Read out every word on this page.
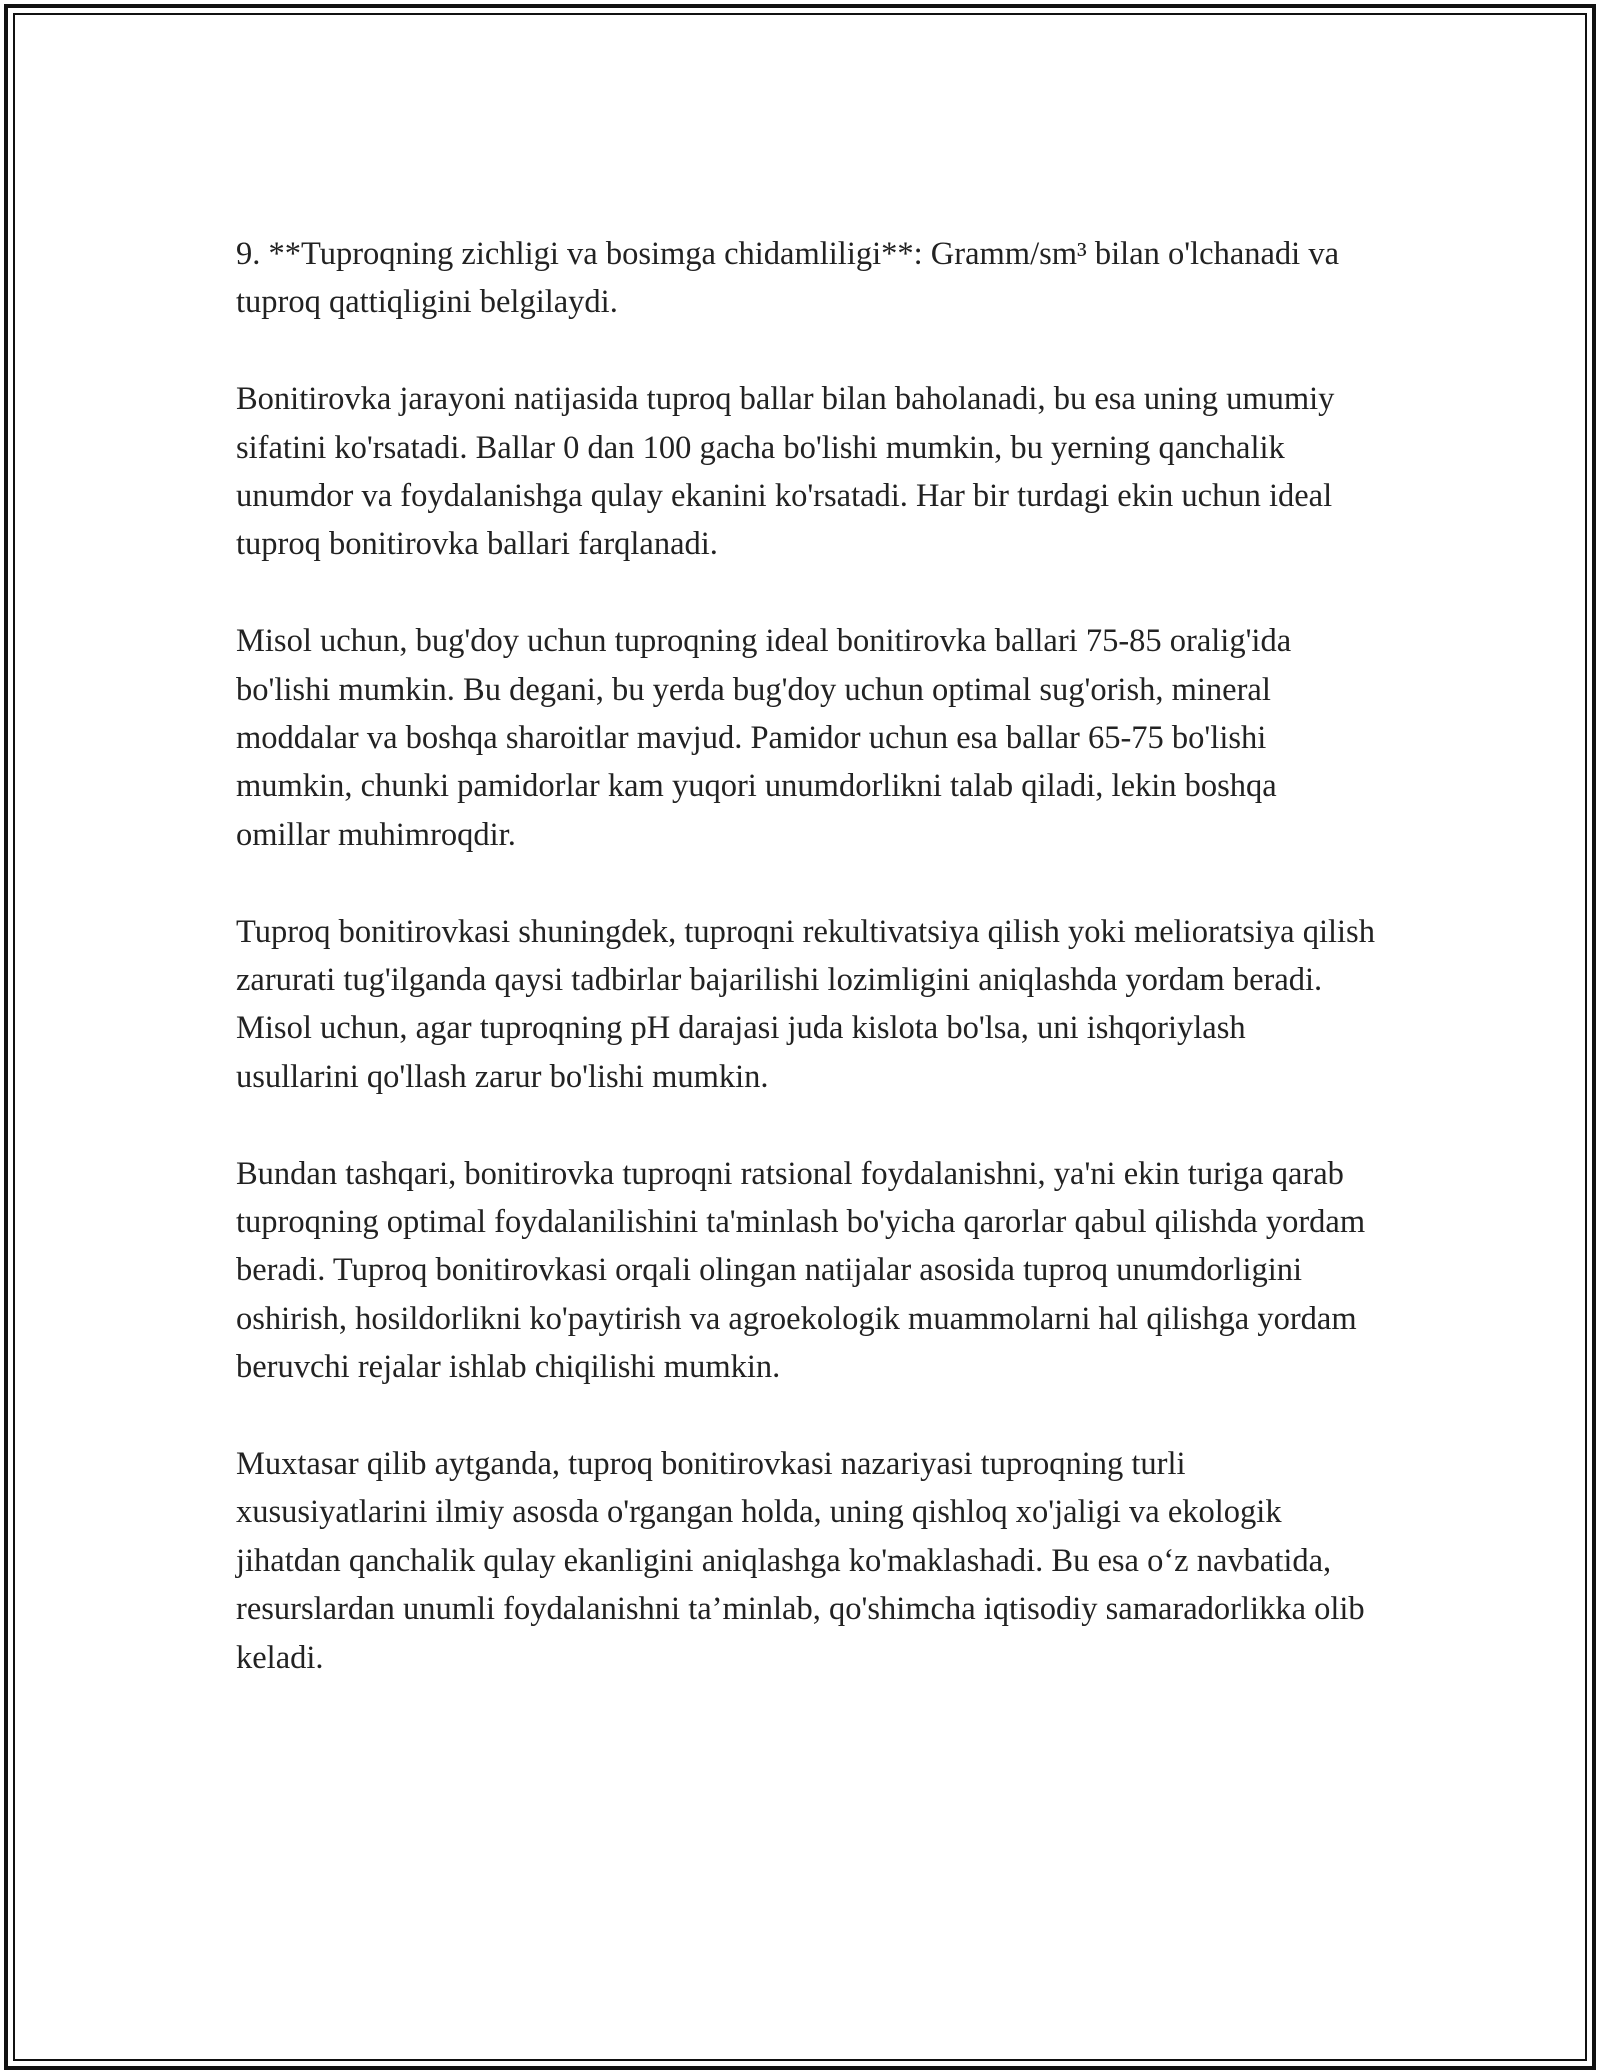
9. **Tuproqning zichligi va bosimga chidamliligi**: Gramm/sm³ bilan o'lchanadi va tuproq qattiqligini belgilaydi.

Bonitirovka jarayoni natijasida tuproq ballar bilan baholanadi, bu esa uning umumiy sifatini ko'rsatadi. Ballar 0 dan 100 gacha bo'lishi mumkin, bu yerning qanchalik unumdor va foydalanishga qulay ekanini ko'rsatadi. Har bir turdagi ekin uchun ideal tuproq bonitirovka ballari farqlanadi.

Misol uchun, bug'doy uchun tuproqning ideal bonitirovka ballari 75-85 oralig'ida bo'lishi mumkin. Bu degani, bu yerda bug'doy uchun optimal sug'orish, mineral moddalar va boshqa sharoitlar mavjud. Pamidor uchun esa ballar 65-75 bo'lishi mumkin, chunki pamidorlar kam yuqori unumdorlikni talab qiladi, lekin boshqa omillar muhimroqdir.

Tuproq bonitirovkasi shuningdek, tuproqni rekultivatsiya qilish yoki melioratsiya qilish zarurati tug'ilganda qaysi tadbirlar bajarilishi lozimligini aniqlashda yordam beradi. Misol uchun, agar tuproqning pH darajasi juda kislota bo'lsa, uni ishqoriylash usullarini qo'llash zarur bo'lishi mumkin.

Bundan tashqari, bonitirovka tuproqni ratsional foydalanishni, ya'ni ekin turiga qarab tuproqning optimal foydalanilishini ta'minlash bo'yicha qarorlar qabul qilishda yordam beradi. Tuproq bonitirovkasi orqali olingan natijalar asosida tuproq unumdorligini oshirish, hosildorlikni ko'paytirish va agroekologik muammolarni hal qilishga yordam beruvchi rejalar ishlab chiqilishi mumkin.

Muxtasar qilib aytganda, tuproq bonitirovkasi nazariyasi tuproqning turli xususiyatlarini ilmiy asosda o'rgangan holda, uning qishloq xo'jaligi va ekologik jihatdan qanchalik qulay ekanligini aniqlashga ko'maklashadi. Bu esa o‘z navbatida, resurslardan unumli foydalanishni ta’minlab, qo'shimcha iqtisodiy samaradorlikka olib keladi.
